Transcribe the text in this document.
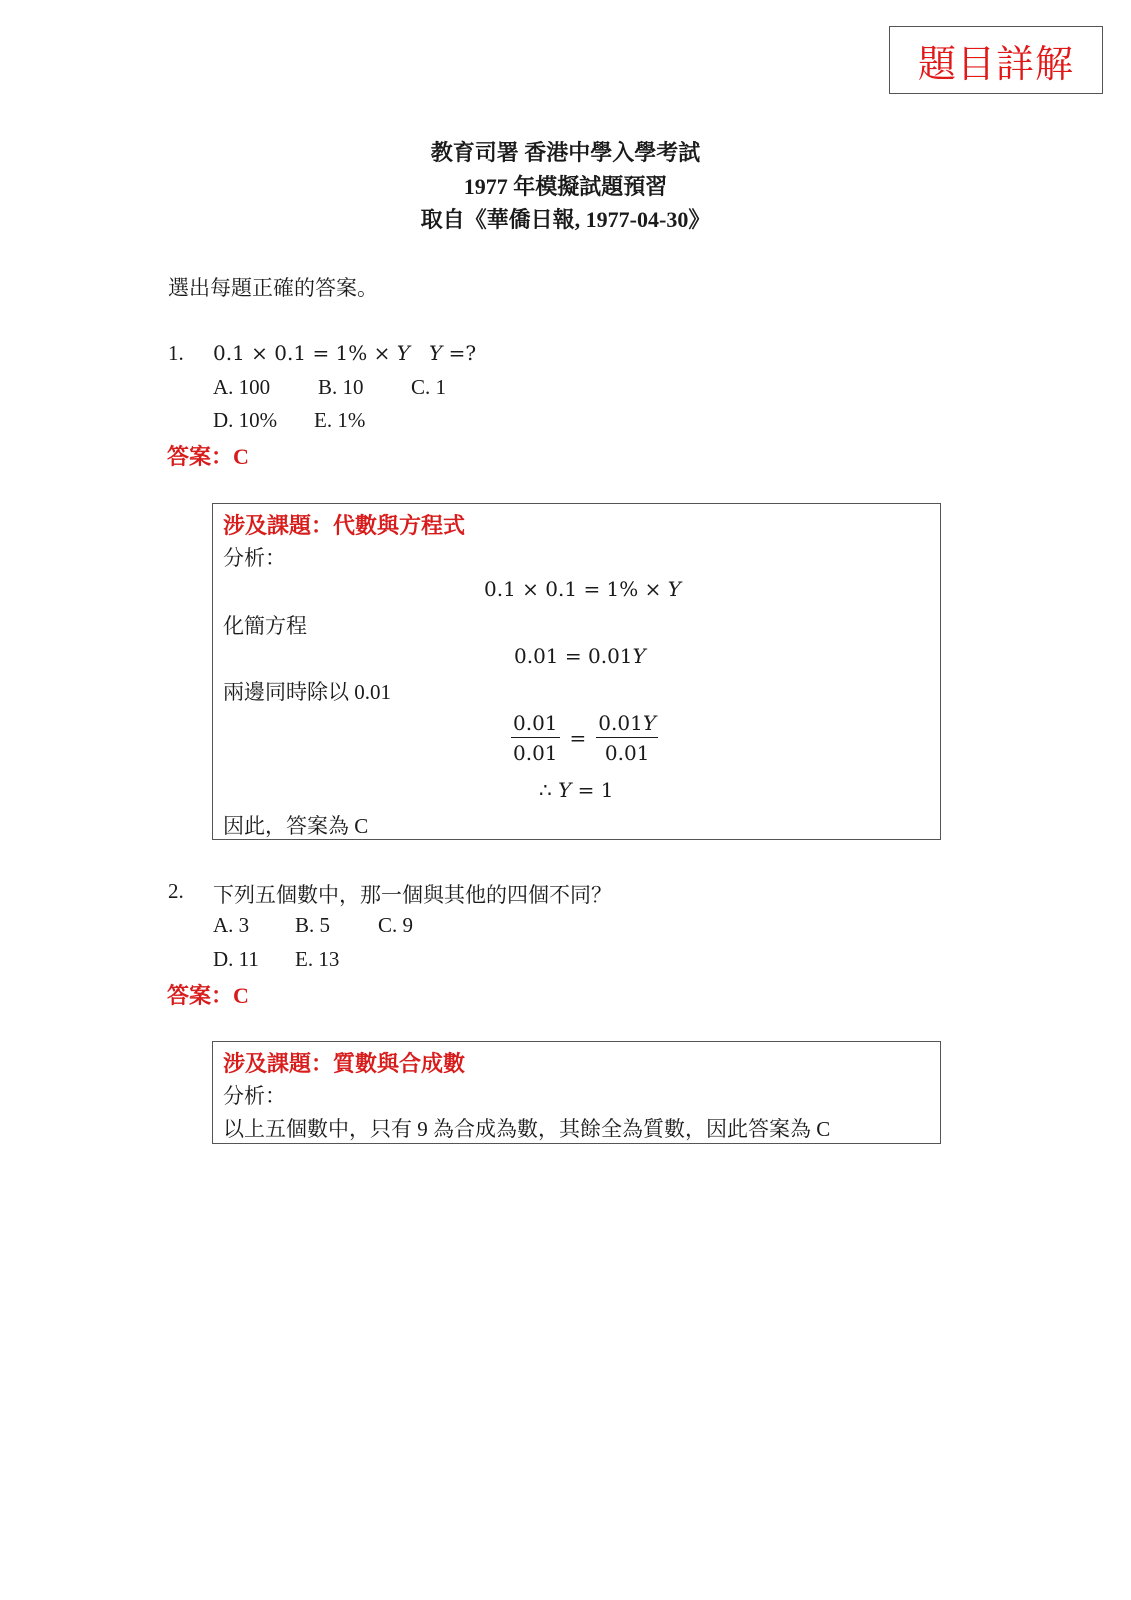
題目詳解
教育司署 香港中學入學考試
1977 年模擬試題預習
取自《華僑日報, 1977-04-30》
選出每題正確的答案。
1. 0.1 × 0.1 = 1% × Y Y =?
A. 100 B. 10 C. 1
D. 10% E. 1%
答案：C
涉及課題：代數與方程式
分析：
0.1 × 0.1 = 1% × Y
化簡方程
0.01 = 0.01Y
兩邊同時除以 0.01
$\frac{0.01}{0.01} = \frac{0.01Y}{0.01}$
∴ Y = 1
因此，答案為 C
2. 下列五個數中，那一個與其他的四個不同？
A. 3 B. 5 C. 9
D. 11 E. 13
答案：C
涉及課題：質數與合成數
分析：
以上五個數中，只有 9 為合成為數，其餘全為質數，因此答案為 C
